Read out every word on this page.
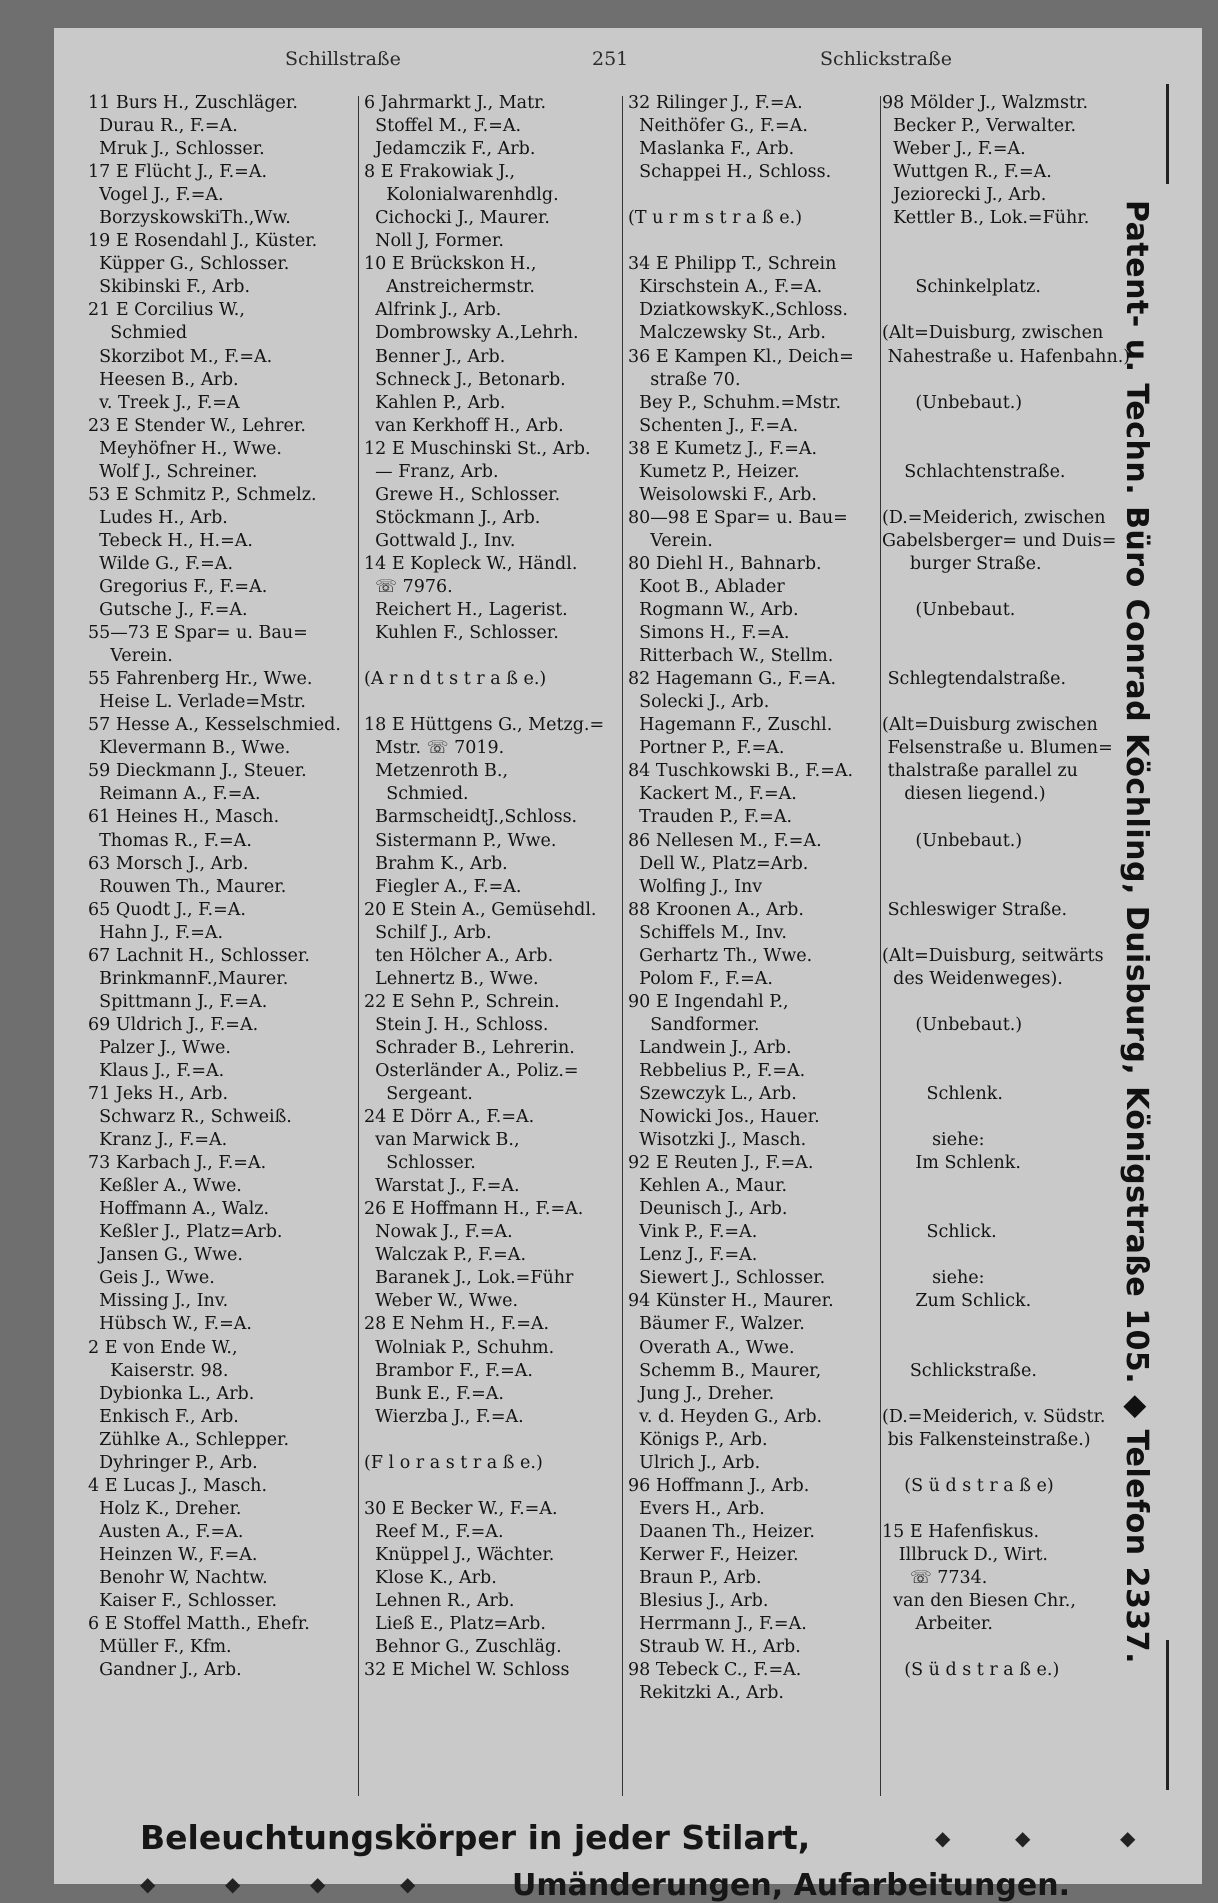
Schillstraße	251	Schlickstraße
11 Burs H., Zuschläger.
Durau R., F.=A.
Mruk J., Schlosser.
17 E Flücht J., F.=A.
Vogel J., F.=A.
BorzyskowskiTh.,Ww.
19 E Rosendahl J., Küster.
Küpper G., Schlosser.
Skibinski F., Arb.
21 E Corcilius W.,
Schmied
Skorzibot M., F.=A.
Heesen B., Arb.
v. Treek J., F.=A
23 E Stender W., Lehrer.
Meyhöfner H., Wwe.
Wolf J., Schreiner.
53 E Schmitz P., Schmelz.
Ludes H., Arb.
Tebeck H., H.=A.
Wilde G., F.=A.
Gregorius F., F.=A.
Gutsche J., F.=A.
55—73 E Spar= u. Bau=
Verein.
55 Fahrenberg Hr., Wwe.
Heise L. Verlade=Mstr.
57 Hesse A., Kesselschmied.
Klevermann B., Wwe.
59 Dieckmann J., Steuer.
Reimann A., F.=A.
61 Heines H., Masch.
Thomas R., F.=A.
63 Morsch J., Arb.
Rouwen Th., Maurer.
65 Quodt J., F.=A.
Hahn J., F.=A.
67 Lachnit H., Schlosser.
BrinkmannF.,Maurer.
Spittmann J., F.=A.
69 Uldrich J., F.=A.
Palzer J., Wwe.
Klaus J., F.=A.
71 Jeks H., Arb.
Schwarz R., Schweiß.
Kranz J., F.=A.
73 Karbach J., F.=A.
Keßler A., Wwe.
Hoffmann A., Walz.
Keßler J., Platz=Arb.
Jansen G., Wwe.
Geis J., Wwe.
Missing J., Inv.
Hübsch W., F.=A.
2 E von Ende W.,
Kaiserstr. 98.
Dybionka L., Arb.
Enkisch F., Arb.
Zühlke A., Schlepper.
Dyhringer P., Arb.
4 E Lucas J., Masch.
Holz K., Dreher.
Austen A., F.=A.
Heinzen W., F.=A.
Benohr W, Nachtw.
Kaiser F., Schlosser.
6 E Stoffel Matth., Ehefr.
Müller F., Kfm.
Gandner J., Arb.
6 Jahrmarkt J., Matr.
Stoffel M., F.=A.
Jedamczik F., Arb.
8 E Frakowiak J.,
Kolonialwarenhdlg.
Cichocki J., Maurer.
Noll J, Former.
10 E Brückskon H.,
Anstreichermstr.
Alfrink J., Arb.
Dombrowsky A.,Lehrh.
Benner J., Arb.
Schneck J., Betonarb.
Kahlen P., Arb.
van Kerkhoff H., Arb.
12 E Muschinski St., Arb.
— Franz, Arb.
Grewe H., Schlosser.
Stöckmann J., Arb.
Gottwald J., Inv.
14 E Kopleck W., Händl.
☏ 7976.
Reichert H., Lagerist.
Kuhlen F., Schlosser.
(A r n d t s t r a ß e.)
18 E Hüttgens G., Metzg.=
Mstr. ☏ 7019.
Metzenroth B.,
Schmied.
BarmscheidtJ.,Schloss.
Sistermann P., Wwe.
Brahm K., Arb.
Fiegler A., F.=A.
20 E Stein A., Gemüsehdl.
Schilf J., Arb.
ten Hölcher A., Arb.
Lehnertz B., Wwe.
22 E Sehn P., Schrein.
Stein J. H., Schloss.
Schrader B., Lehrerin.
Osterländer A., Poliz.=
Sergeant.
24 E Dörr A., F.=A.
van Marwick B.,
Schlosser.
Warstat J., F.=A.
26 E Hoffmann H., F.=A.
Nowak J., F.=A.
Walczak P., F.=A.
Baranek J., Lok.=Führ
Weber W., Wwe.
28 E Nehm H., F.=A.
Wolniak P., Schuhm.
Brambor F., F.=A.
Bunk E., F.=A.
Wierzba J., F.=A.
(F l o r a s t r a ß e.)
30 E Becker W., F.=A.
Reef M., F.=A.
Knüppel J., Wächter.
Klose K., Arb.
Lehnen R., Arb.
Ließ E., Platz=Arb.
Behnor G., Zuschläg.
32 E Michel W. Schloss
32 Rilinger J., F.=A.
Neithöfer G., F.=A.
Maslanka F., Arb.
Schappei H., Schloss.
(T u r m s t r a ß e.)
34 E Philipp T., Schrein
Kirschstein A., F.=A.
DziatkowskyK.,Schloss.
Malczewsky St., Arb.
36 E Kampen Kl., Deich=
straße 70.
Bey P., Schuhm.=Mstr.
Schenten J., F.=A.
38 E Kumetz J., F.=A.
Kumetz P., Heizer.
Weisolowski F., Arb.
80—98 E Spar= u. Bau=
Verein.
80 Diehl H., Bahnarb.
Koot B., Ablader
Rogmann W., Arb.
Simons H., F.=A.
Ritterbach W., Stellm.
82 Hagemann G., F.=A.
Solecki J., Arb.
Hagemann F., Zuschl.
Portner P., F.=A.
84 Tuschkowski B., F.=A.
Kackert M., F.=A.
Trauden P., F.=A.
86 Nellesen M., F.=A.
Dell W., Platz=Arb.
Wolfing J., Inv
88 Kroonen A., Arb.
Schiffels M., Inv.
Gerhartz Th., Wwe.
Polom F., F.=A.
90 E Ingendahl P.,
Sandformer.
Landwein J., Arb.
Rebbelius P., F.=A.
Szewczyk L., Arb.
Nowicki Jos., Hauer.
Wisotzki J., Masch.
92 E Reuten J., F.=A.
Kehlen A., Maur.
Deunisch J., Arb.
Vink P., F.=A.
Lenz J., F.=A.
Siewert J., Schlosser.
94 Künster H., Maurer.
Bäumer F., Walzer.
Overath A., Wwe.
Schemm B., Maurer,
Jung J., Dreher.
v. d. Heyden G., Arb.
Königs P., Arb.
Ulrich J., Arb.
96 Hoffmann J., Arb.
Evers H., Arb.
Daanen Th., Heizer.
Kerwer F., Heizer.
Braun P., Arb.
Blesius J., Arb.
Herrmann J., F.=A.
Straub W. H., Arb.
98 Tebeck C., F.=A.
Rekitzki A., Arb.
98 Mölder J., Walzmstr.
Becker P., Verwalter.
Weber J., F.=A.
Wuttgen R., F.=A.
Jeziorecki J., Arb.
Kettler B., Lok.=Führ.
Schinkelplatz.
(Alt=Duisburg, zwischen
Nahestraße u. Hafenbahn.)
(Unbebaut.)
Schlachtenstraße.
(D.=Meiderich, zwischen
Gabelsberger= und Duis=
burger Straße.
(Unbebaut.
Schlegtendalstraße.
(Alt=Duisburg zwischen
Felsenstraße u. Blumen=
thalstraße parallel zu
diesen liegend.)
(Unbebaut.)
Schleswiger Straße.
(Alt=Duisburg, seitwärts
des Weidenweges).
(Unbebaut.)
Schlenk.
siehe:
Im Schlenk.
Schlick.
siehe:
Zum Schlick.
Schlickstraße.
(D.=Meiderich, v. Südstr.
bis Falkensteinstraße.)
(S ü d s t r a ß e)
15 E Hafenfiskus.
Illbruck D., Wirt.
☏ 7734.
van den Biesen Chr.,
Arbeiter.
(S ü d s t r a ß e.)
Patent- u. Techn. Büro Conrad Köchling, Duisburg, Königstraße 105. ◆ Telefon 2337.
Beleuchtungskörper in jeder Stilart,	◆	◆	◆
◆	◆	◆	◆	Umänderungen, Aufarbeitungen.
